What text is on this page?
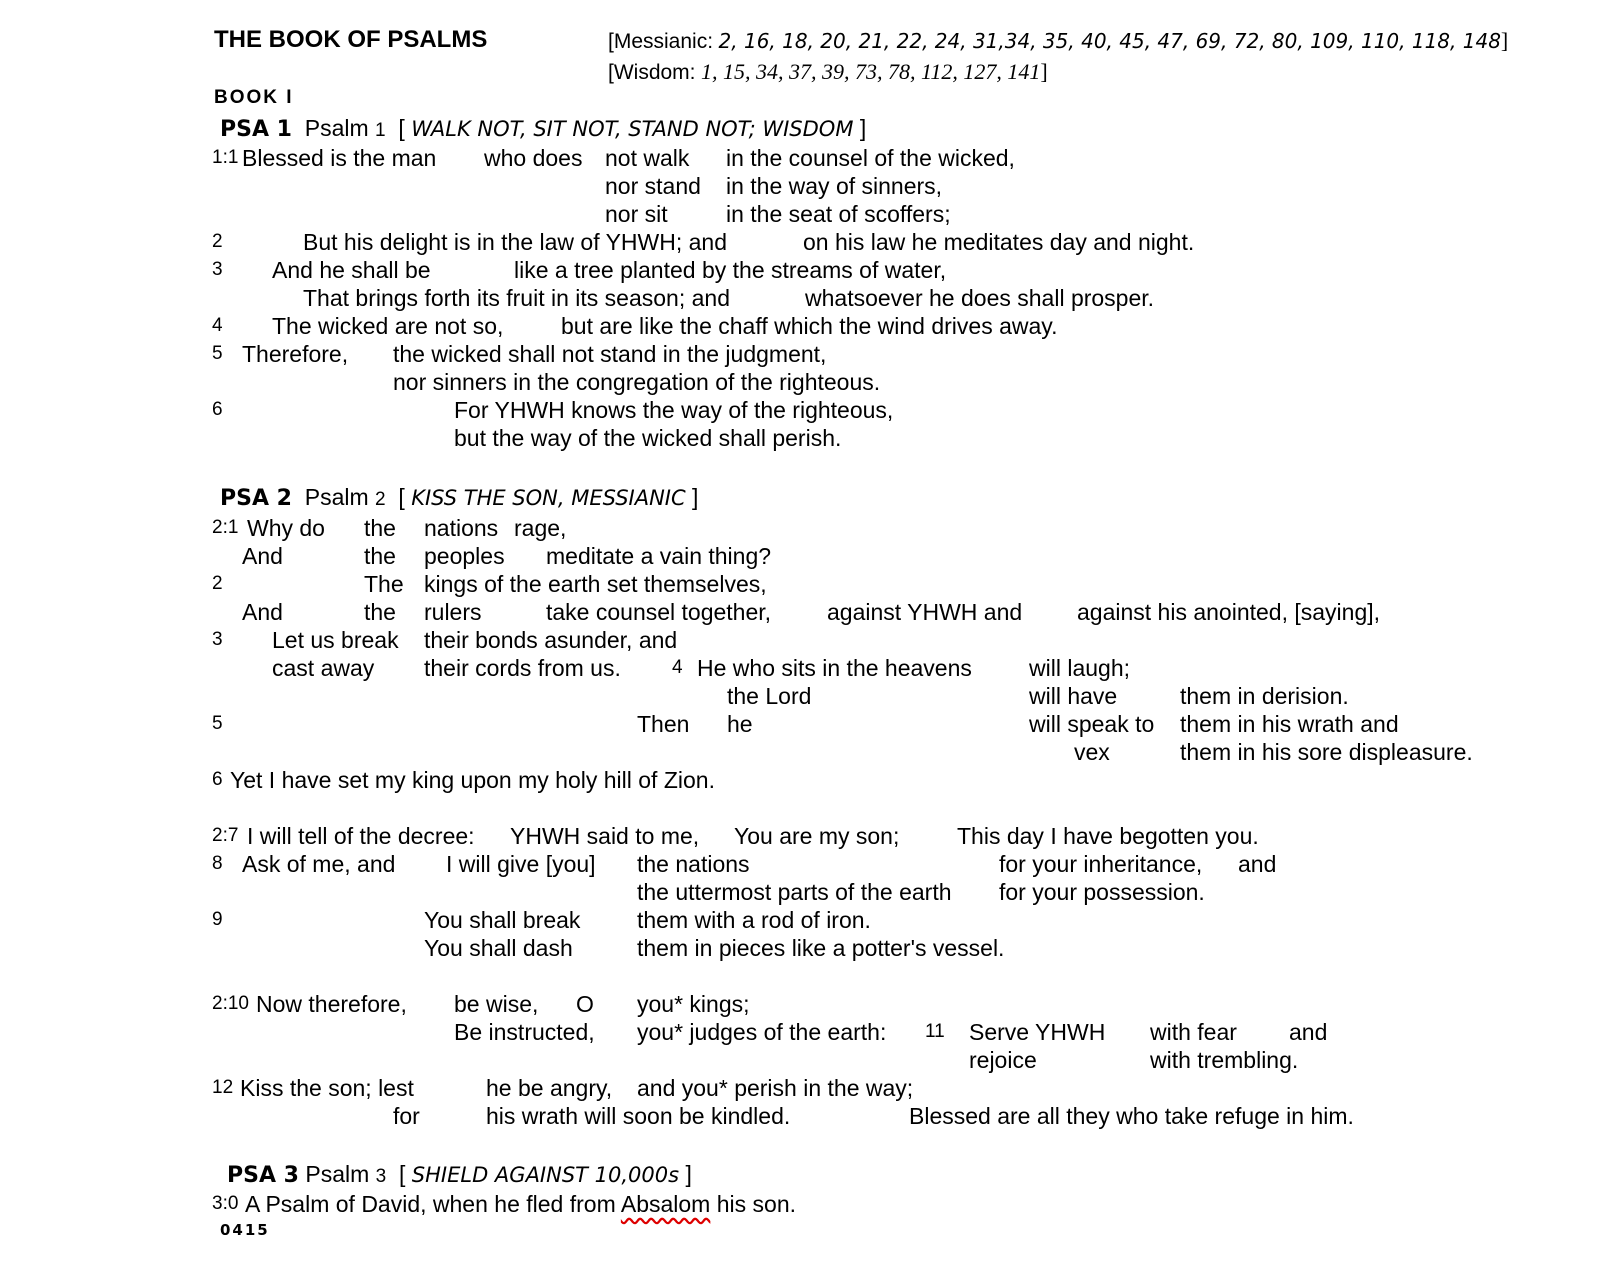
THE BOOK OF PSALMS	[Messianic: 2, 16, 18, 20, 21, 22, 24, 31,34, 35, 40, 45, 47, 69, 72, 80, 109, 110, 118, 148]
[Wisdom: 1, 15, 34, 37, 39, 73, 78, 112, 127, 141]
BOOK I
PSA 1 Psalm 1 [ WALK NOT, SIT NOT, STAND NOT; WISDOM ]
1:1 Blessed is the man who does not walk in the counsel of the wicked,
nor stand in the way of sinners,
nor sit	in the seat of scoffers;
2	But his delight is in the law of YHWH; and	on his law he meditates day and night.
3 And he shall be	like a tree planted by the streams of water,
That brings forth its fruit in its season; and	whatsoever he does shall prosper.
4 The wicked are not so,	but are like the chaff which the wind drives away.
5 Therefore, the wicked shall not stand in the judgment,
nor sinners in the congregation of the righteous.
6	For YHWH knows the way of the righteous,
but the way of the wicked shall perish.
PSA 2 Psalm 2 [ KISS THE SON, MESSIANIC ]
2:1 Why do the nations rage,
And	the peoples meditate a vain thing?
2	The kings of the earth set themselves,
And	the rulers	take counsel together, against YHWH and against his anointed, [saying],
3 Let us break their bonds asunder, and
cast away their cords from us.	4 He who sits in the heavens will laugh;
the Lord	will have	them in derision.
5	Then he	will speak to them in his wrath and
vex	them in his sore displeasure.
6 Yet I have set my king upon my holy hill of Zion.
2:7 I will tell of the decree: YHWH said to me, You are my son;	This day I have begotten you.
8 Ask of me, and I will give [you] the nations	for your inheritance, and
the uttermost parts of the earth for your possession.
9	You shall break them with a rod of iron.
You shall dash	them in pieces like a potter's vessel.
2:10 Now therefore, be wise, O you* kings;
Be instructed, you* judges of the earth: 11 Serve YHWH with fear and
rejoice	with trembling.
12 Kiss the son; lest	he be angry, and you* perish in the way;
for	his wrath will soon be kindled.	Blessed are all they who take refuge in him.
PSA 3 Psalm 3 [ SHIELD AGAINST 10,000s ]
3:0 A Psalm of David, when he fled from Absalom his son.
0415
